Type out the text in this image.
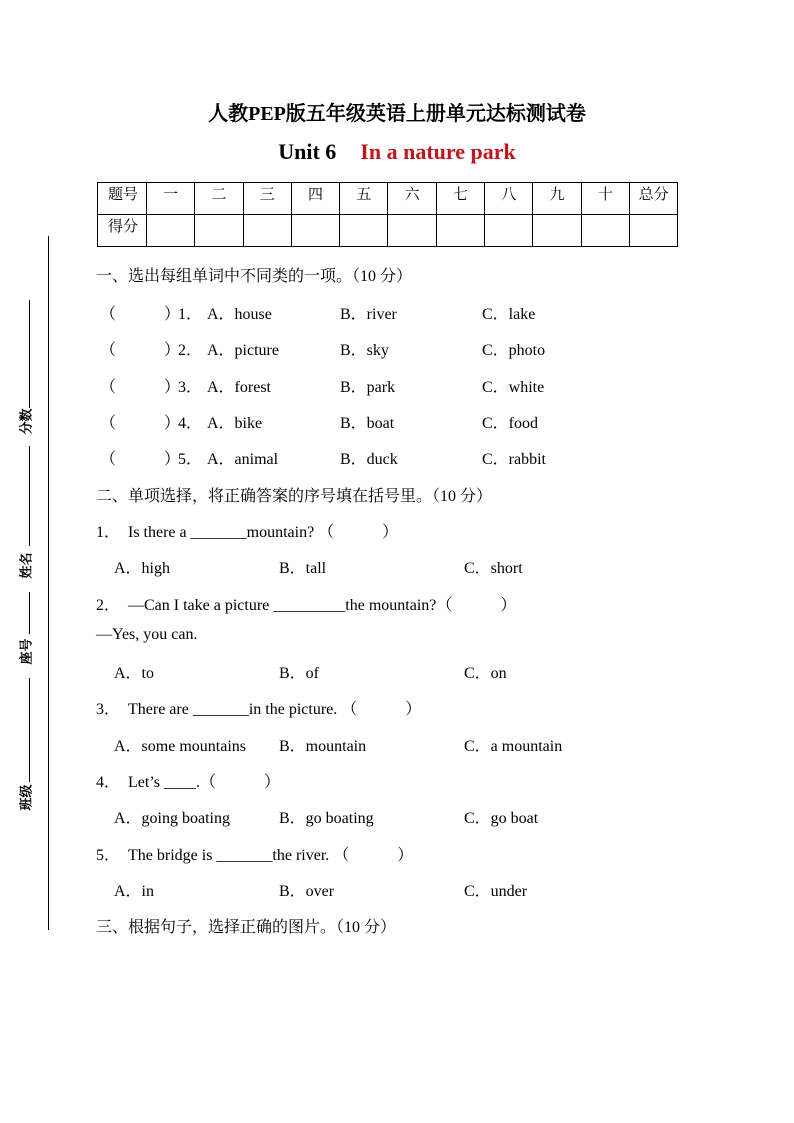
人教PEP版五年级英语上册单元达标测试卷
Unit 6 In a nature park
题号	一	二	三	四	五	六	七	八	九	十	总分
得分											
分数
姓名
座号
班级
一、选出每组单词中不同类的一项。（10 分）
（　　　）
1． A．house	B．river	C．lake
（　　　）
2． A．picture	B．sky	C．photo
（　　　）
3． A．forest	B．park	C．white
（　　　）
4． A．bike	B．boat	C．food
（　　　）
5． A．animal	B．duck	C．rabbit
二、单项选择，将正确答案的序号填在括号里。（10 分）
1．　Is there a _______mountain? （　　　）
A．high	B．tall	C．short
2．　—Can I take a picture _________the mountain?（　　　）
—Yes, you can.
A．to	B．of	C．on
3．　There are _______in the picture. （　　　）
A．some mountains B．mountain	C．a mountain
4．　Let’s ____.（　　　）
A．going boating	B．go boating	C．go boat
5．　The bridge is _______the river. （　　　）
A．in	B．over	C．under
三、根据句子，选择正确的图片。（10 分）
